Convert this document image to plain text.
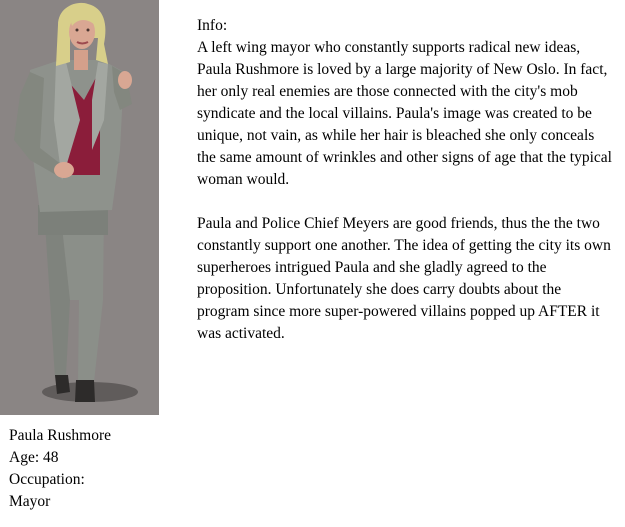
Paula Rushmore
Age: 48
Occupation:
Mayor
Info:

A left wing mayor who constantly supports radical new ideas, Paula Rushmore is loved by a large majority of New Oslo. In fact, her only real enemies are those connected with the city's mob syndicate and the local villains. Paula's image was created to be unique, not vain, as while her hair is bleached she only conceals the same amount of wrinkles and other signs of age that the typical woman would.

Paula and Police Chief Meyers are good friends, thus the the two constantly support one another. The idea of getting the city its own superheroes intrigued Paula and she gladly agreed to the proposition. Unfortunately she does carry doubts about the program since more super-powered villains popped up AFTER it was activated.
